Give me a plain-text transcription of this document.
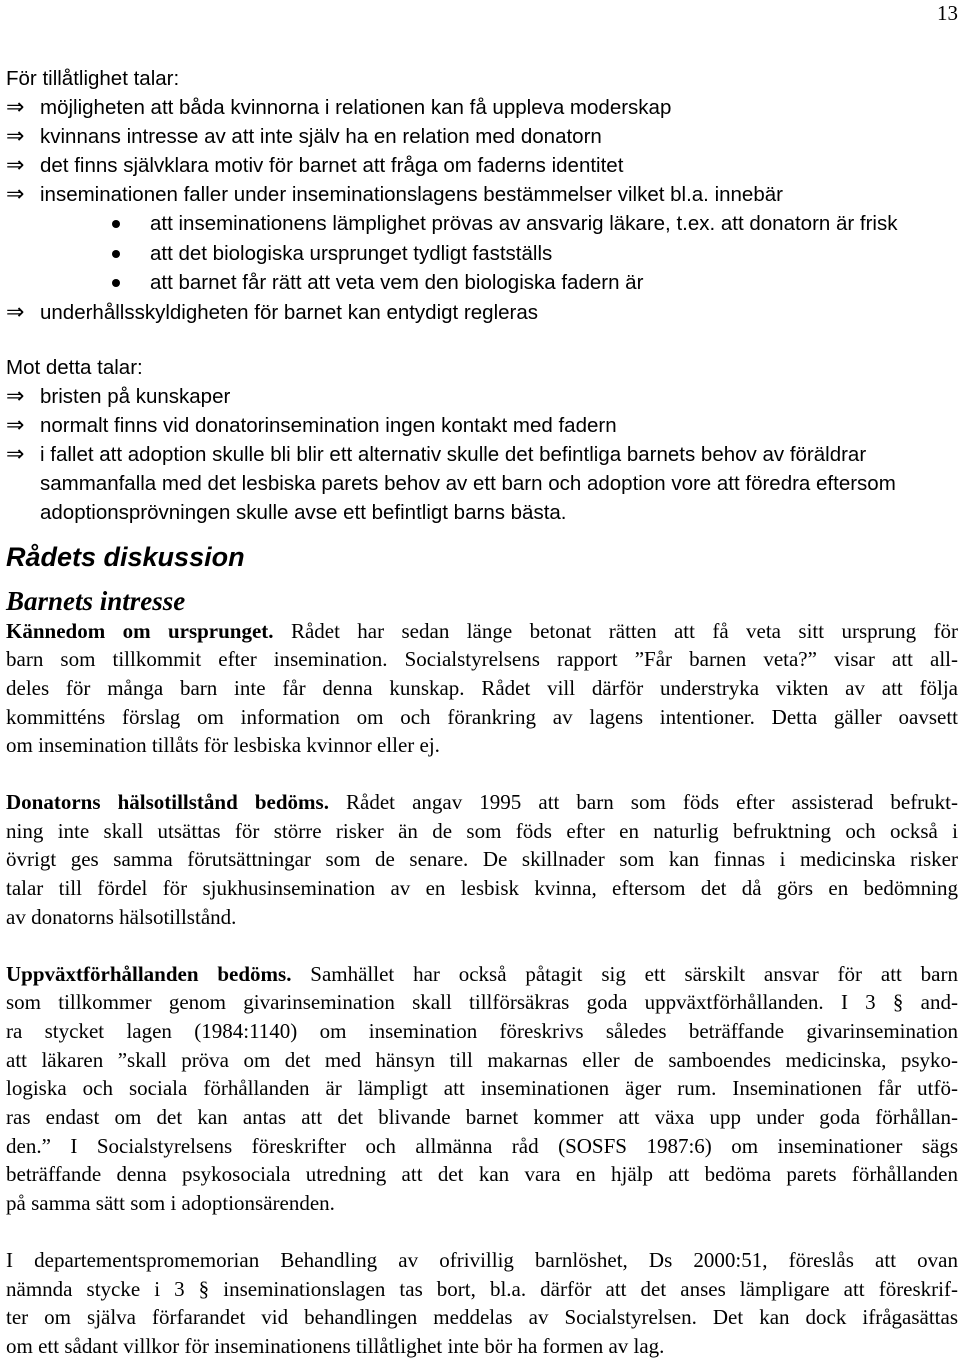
13

För tillåtlighet talar:

⇒ möjligheten att båda kvinnorna i relationen kan få uppleva moderskap
⇒ kvinnans intresse av att inte själv ha en relation med donatorn
⇒ det finns självklara motiv för barnet att fråga om faderns identitet
⇒ inseminationen faller under inseminationslagens bestämmelser vilket bl.a. innebär
att inseminationens lämplighet prövas av ansvarig läkare, t.ex. att donatorn är frisk
att det biologiska ursprunget tydligt fastställs
att barnet får rätt att veta vem den biologiska fadern är
⇒ underhållsskyldigheten för barnet kan entydigt regleras

Mot detta talar:

⇒ bristen på kunskaper
⇒ normalt finns vid donatorinsemination ingen kontakt med fadern
⇒ i fallet att adoption skulle bli blir ett alternativ skulle det befintliga barnets behov av föräldrar
sammanfalla med det lesbiska parets behov av ett barn och adoption vore att föredra eftersom
adoptionsprövningen skulle avse ett befintligt barns bästa.
Rådets diskussion
Barnets intresse
Kännedom om ursprunget. Rådet har sedan länge betonat rätten att få veta sitt ursprung för
barn som tillkommit efter insemination. Socialstyrelsens rapport ”Får barnen veta?” visar att all-
deles för många barn inte får denna kunskap. Rådet vill därför understryka vikten av att följa
kommitténs förslag om information om och förankring av lagens intentioner. Detta gäller oavsett
om insemination tillåts för lesbiska kvinnor eller ej.
Donatorns hälsotillstånd bedöms. Rådet angav 1995 att barn som föds efter assisterad befrukt-
ning inte skall utsättas för större risker än de som föds efter en naturlig befruktning och också i
övrigt ges samma förutsättningar som de senare. De skillnader som kan finnas i medicinska risker
talar till fördel för sjukhusinsemination av en lesbisk kvinna, eftersom det då görs en bedömning
av donatorns hälsotillstånd.
Uppväxtförhållanden bedöms. Samhället har också påtagit sig ett särskilt ansvar för att barn
som tillkommer genom givarinsemination skall tillförsäkras goda uppväxtförhållanden. I 3 § and-
ra stycket lagen (1984:1140) om insemination föreskrivs således beträffande givarinsemination
att läkaren ”skall pröva om det med hänsyn till makarnas eller de samboendes medicinska, psyko-
logiska och sociala förhållanden är lämpligt att inseminationen äger rum. Inseminationen får utfö-
ras endast om det kan antas att det blivande barnet kommer att växa upp under goda förhållan-
den.” I Socialstyrelsens föreskrifter och allmänna råd (SOSFS 1987:6) om inseminationer sägs
beträffande denna psykosociala utredning att det kan vara en hjälp att bedöma parets förhållanden
på samma sätt som i adoptionsärenden.
I departementspromemorian Behandling av ofrivillig barnlöshet, Ds 2000:51, föreslås att ovan
nämnda stycke i 3 § inseminationslagen tas bort, bl.a. därför att det anses lämpligare att föreskrif-
ter om själva förfarandet vid behandlingen meddelas av Socialstyrelsen. Det kan dock ifrågasättas
om ett sådant villkor för inseminationens tillåtlighet inte bör ha formen av lag.
